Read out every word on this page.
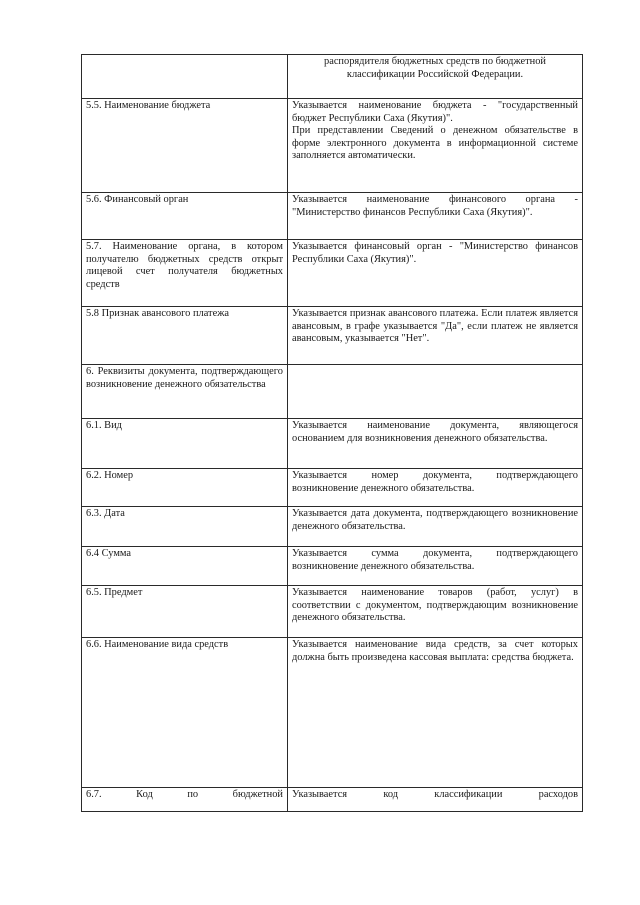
	распорядителя бюджетных средств по бюджетной классификации Российской Федерации.

5.5. Наименование бюджета	Указывается наименование бюджета - "государственный бюджет Республики Саха (Якутия)".

При представлении Сведений о денежном обязательстве в форме электронного документа в информационной системе заполняется автоматически.

5.6. Финансовый орган	Указывается наименование финансового органа - "Министерство финансов Республики Саха (Якутия)".

5.7. Наименование органа, в котором получателю бюджетных средств открыт лицевой счет получателя бюджетных средств	Указывается финансовый орган - "Министерство финансов Республики Саха (Якутия)".

5.8 Признак авансового платежа	Указывается признак авансового платежа. Если платеж является авансовым, в графе указывается "Да", если платеж не является авансовым, указывается "Нет".

6. Реквизиты документа, подтверждающего возникновение денежного обязательства	
6.1. Вид	Указывается наименование документа, являющегося основанием для возникновения денежного обязательства.

6.2. Номер	Указывается номер документа, подтверждающего возникновение денежного обязательства.

6.3. Дата	Указывается дата документа, подтверждающего возникновение денежного обязательства.

6.4 Сумма	Указывается сумма документа, подтверждающего возникновение денежного обязательства.

6.5. Предмет	Указывается наименование товаров (работ, услуг) в соответствии с документом, подтверждающим возникновение денежного обязательства.

6.6. Наименование вида средств	Указывается наименование вида средств, за счет которых должна быть произведена кассовая выплата: средства бюджета.

6.7. Код по бюджетной	Указывается код классификации расходов
